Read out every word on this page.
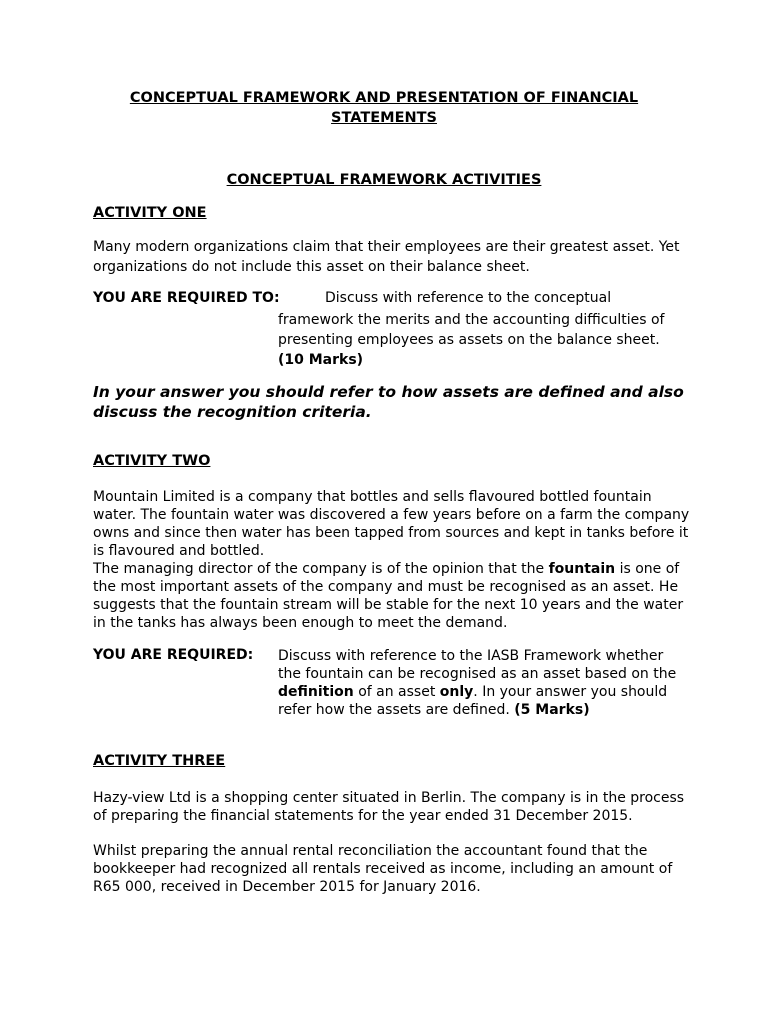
CONCEPTUAL FRAMEWORK AND PRESENTATION OF FINANCIAL
STATEMENTS
CONCEPTUAL FRAMEWORK ACTIVITIES
ACTIVITY ONE
Many modern organizations claim that their employees are their greatest asset. Yet organizations do not include this asset on their balance sheet.
YOU ARE REQUIRED TO:	Discuss with reference to the conceptual
framework the merits and the accounting difficulties of
presenting employees as assets on the balance sheet.
(10 Marks)
In your answer you should refer to how assets are defined and also discuss the recognition criteria.
ACTIVITY TWO
Mountain Limited is a company that bottles and sells flavoured bottled fountain water. The fountain water was discovered a few years before on a farm the company owns and since then water has been tapped from sources and kept in tanks before it is flavoured and bottled.
The managing director of the company is of the opinion that the fountain is one of the most important assets of the company and must be recognised as an asset. He suggests that the fountain stream will be stable for the next 10 years and the water in the tanks has always been enough to meet the demand.
YOU ARE REQUIRED: Discuss with reference to the IASB Framework whether the fountain can be recognised as an asset based on the definition of an asset only. In your answer you should refer how the assets are defined. (5 Marks)
ACTIVITY THREE
Hazy-view Ltd is a shopping center situated in Berlin. The company is in the process of preparing the financial statements for the year ended 31 December 2015.
Whilst preparing the annual rental reconciliation the accountant found that the bookkeeper had recognized all rentals received as income, including an amount of R65 000, received in December 2015 for January 2016.
